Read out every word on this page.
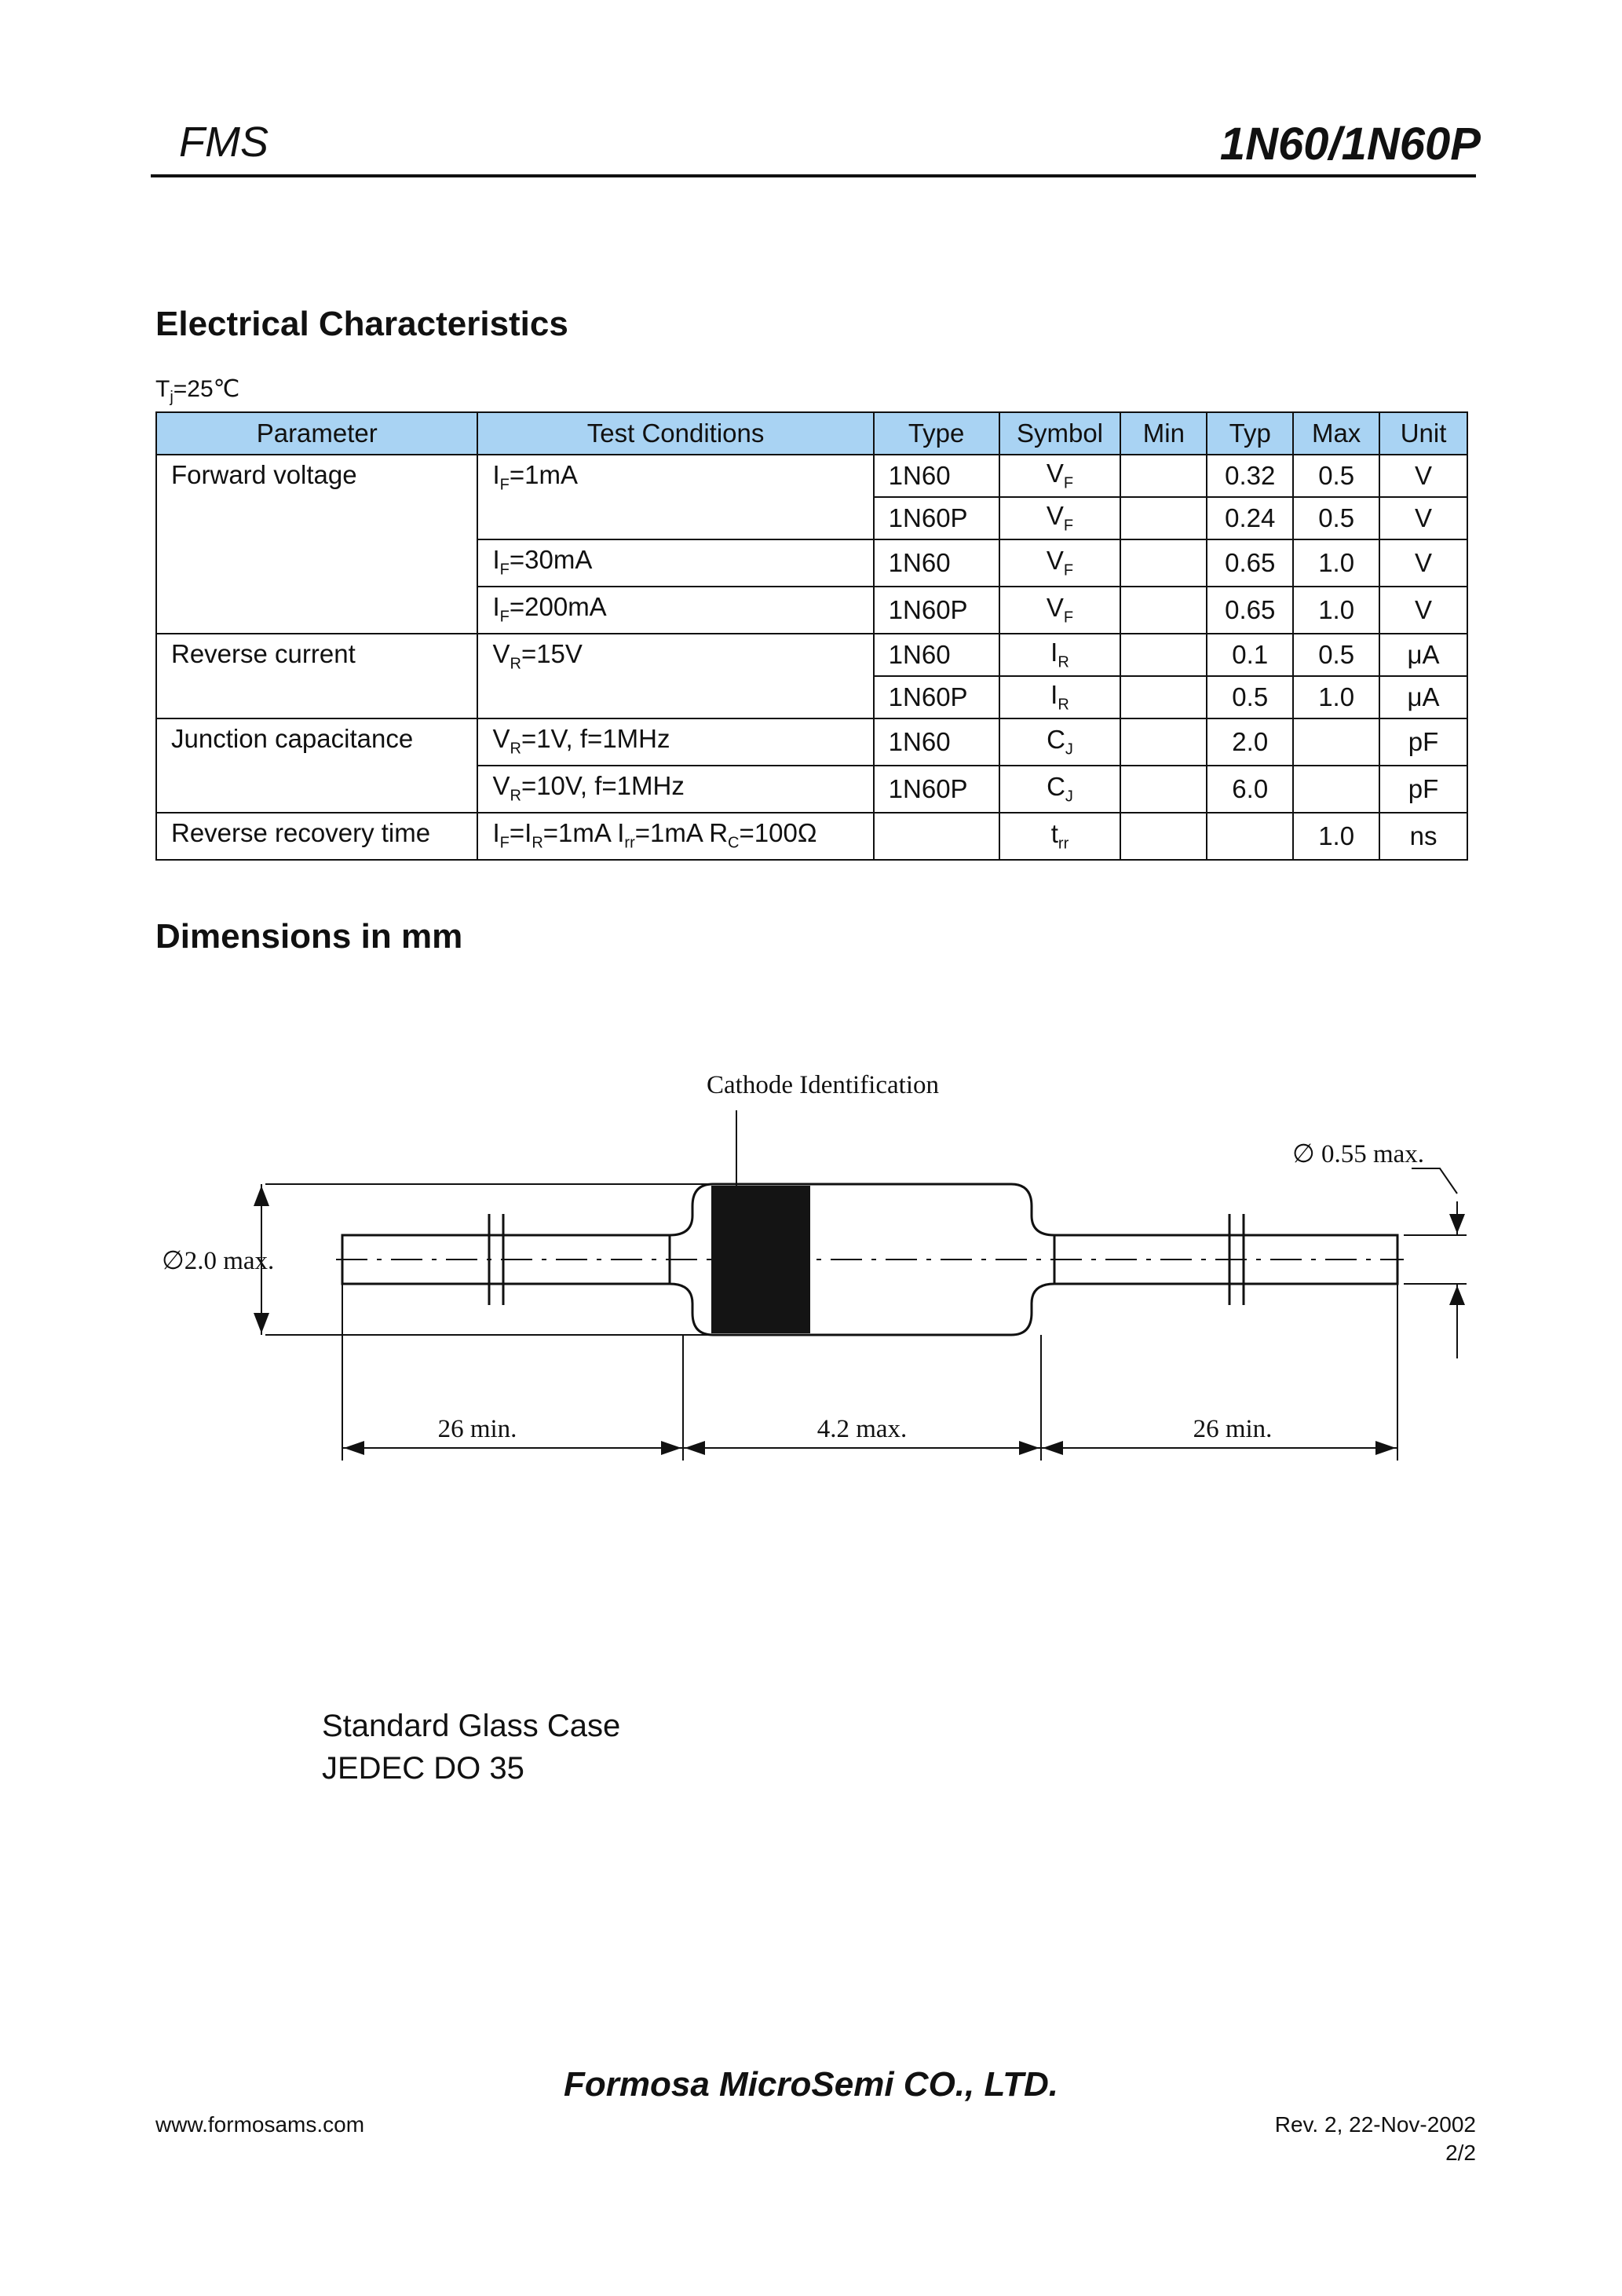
FMS	1N60/1N60P
Electrical Characteristics
$T_j=25℃$
Parameter	Test Conditions	Type	Symbol	Min	Typ	Max	Unit
Forward voltage	$I_F=1mA$	1N60	$V_F$		0.32	0.5	V
		1N60P	$V_F$		0.24	0.5	V
	$I_F=30mA$	1N60	$V_F$		0.65	1.0	V
	$I_F=200mA$	1N60P	$V_F$		0.65	1.0	V
Reverse current	$V_R=15V$	1N60	$I_R$		0.1	0.5	μA
		1N60P	$I_R$		0.5	1.0	μA
Junction capacitance	$V_R=1V$, f=1MHz	1N60	$C_J$		2.0		pF
	$V_R=10V$, f=1MHz	1N60P	$C_J$		6.0		pF
Reverse recovery time	$I_F=I_R=1mA$ $I_{rr}=1mA$ $R_C=100\Omega$		$t_{rr}$			1.0	ns
Dimensions in mm
Cathode Identification
∅ 0.55 max.
∅2.0 max.
26 min.	4.2 max.	26 min.
Standard Glass Case
JEDEC DO 35
Formosa MicroSemi CO., LTD.
www.formosams.com	Rev. 2, 22-Nov-2002
2/2
